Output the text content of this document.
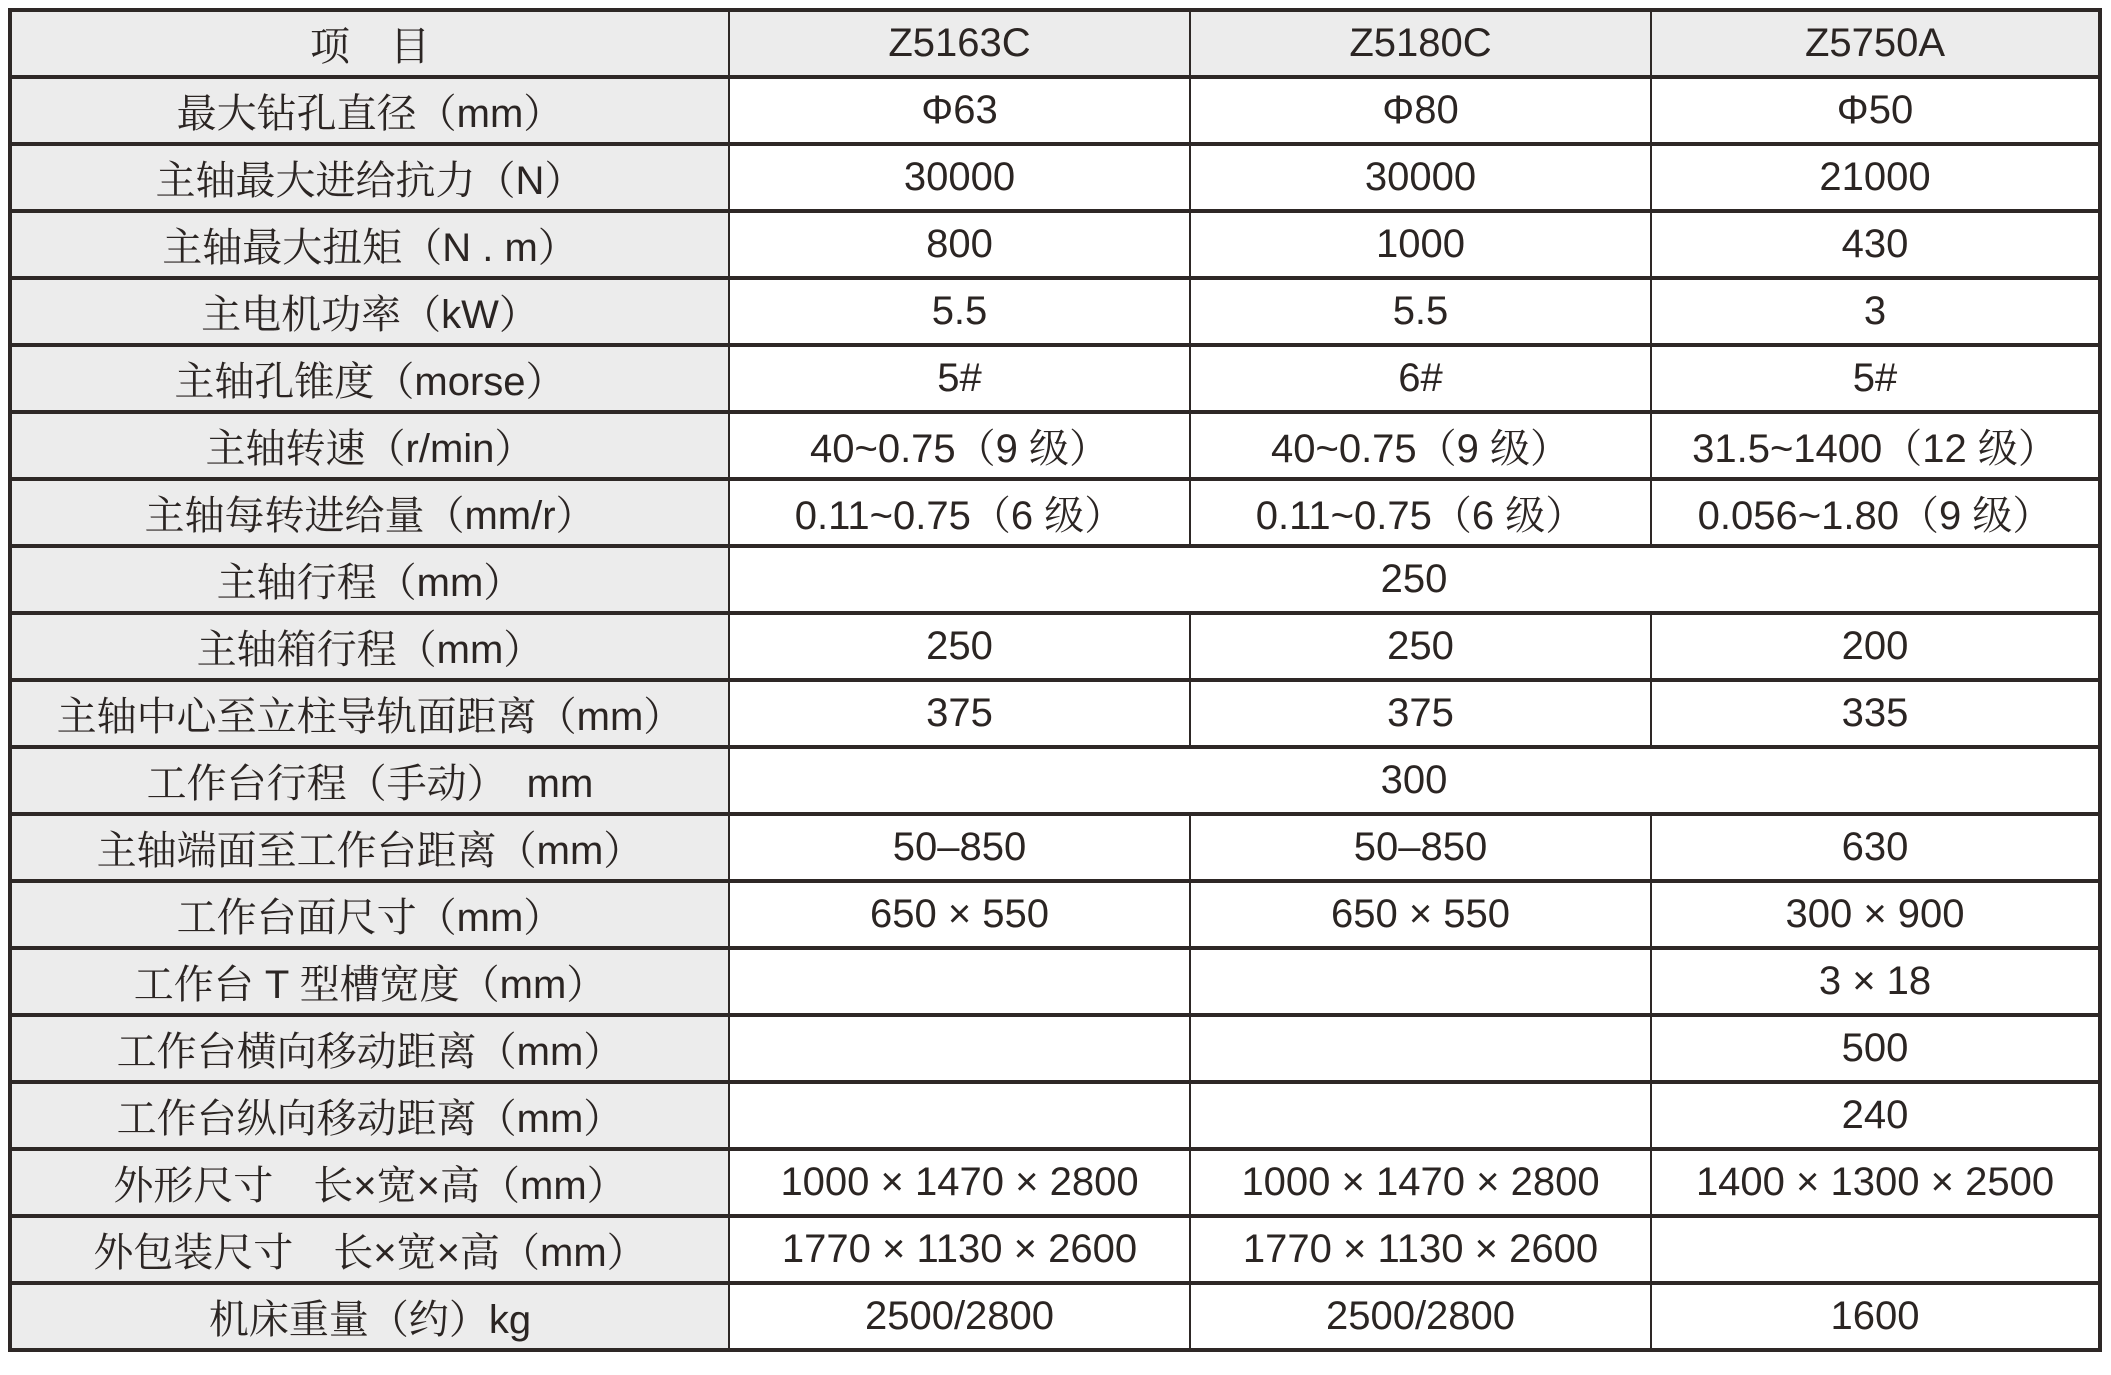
项　目	Z5163C	Z5180C	Z5750A
最大钻孔直径（mm）	Φ63	Φ80	Φ50
主轴最大进给抗力（N）	30000	30000	21000
主轴最大扭矩（N . m）	800	1000	430
主电机功率（kW）	5.5	5.5	3
主轴孔锥度（morse）	5#	6#	5#
主轴转速（r/min）	40~0.75（9 级）	40~0.75（9 级）	31.5~1400（12 级）
主轴每转进给量（mm/r）	0.11~0.75（6 级）	0.11~0.75（6 级）	0.056~1.80（9 级）
主轴行程（mm）	250		
主轴箱行程（mm）	250	250	200
主轴中心至立柱导轨面距离（mm）	375	375	335
工作台行程（手动）　mm	300		
主轴端面至工作台距离（mm）	50–850	50–850	630
工作台面尺寸（mm）	650 × 550	650 × 550	300 × 900
工作台 T 型槽宽度（mm）			3 × 18
工作台横向移动距离（mm）			500
工作台纵向移动距离（mm）			240
外形尺寸　长×宽×高（mm）	1000 × 1470 × 2800	1000 × 1470 × 2800	1400 × 1300 × 2500
外包装尺寸　长×宽×高（mm）	1770 × 1130 × 2600	1770 × 1130 × 2600	
机床重量（约）kg	2500/2800	2500/2800	1600
